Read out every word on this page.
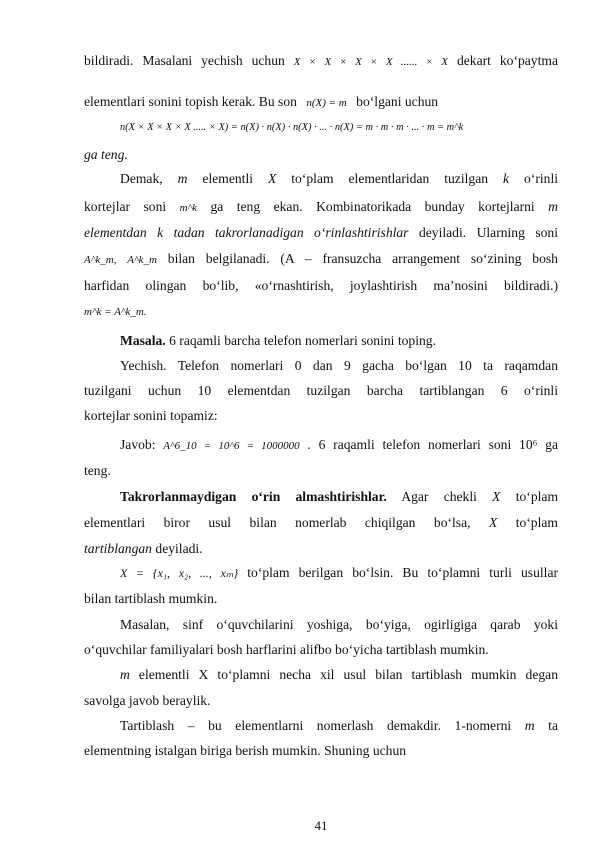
bildiradi. Masalani yechish uchun X × X × X × X ...... × X dekart ko‘paytma
elementlari sonini topish kerak. Bu son n(X) = m bo‘lgani uchun
n(X × X × X × X ..... × X) = n(X) · n(X) · n(X) · ... · n(X) = m · m · m · ... · m = m^k
ga teng.
Demak, m elementli X to‘plam elementlaridan tuzilgan k o‘rinli
kortejlar soni m^k ga teng ekan. Kombinatorikada bunday kortejlarni m
elementdan k tadan takrorlanadigan o‘rinlashtirishlar deyiladi. Ularning soni
A^k_m, A^k_m bilan belgilanadi. (A – fransuzcha arrangement so‘zining bosh
harfidan olingan bo‘lib, «o‘rnashtirish, joylashtirish ma’nosini bildiradi.)
m^k = A^k_m.
Masala. 6 raqamli barcha telefon nomerlari sonini toping.
Yechish. Telefon nomerlari 0 dan 9 gacha bo‘lgan 10 ta raqamdan
tuzilgani uchun 10 elementdan tuzilgan barcha tartiblangan 6 o‘rinli
kortejlar sonini topamiz:
Javob: A^6_10 = 10^6 = 1000000 . 6 raqamli telefon nomerlari soni 10⁶ ga
teng.
Takrorlanmaydigan o‘rin almashtirishlar. Agar chekli X to‘plam
elementlari biror usul bilan nomerlab chiqilgan bo‘lsa, X to‘plam
tartiblangan deyiladi.
X = {x₁, x₂, ..., xₘ} to‘plam berilgan bo‘lsin. Bu to‘plamni turli usullar
bilan tartiblash mumkin.
Masalan, sinf o‘quvchilarini yoshiga, bo‘yiga, ogirligiga qarab yoki
o‘quvchilar familiyalari bosh harflarini alifbo bo‘yicha tartiblash mumkin.
m elementli X to‘plamni necha xil usul bilan tartiblash mumkin degan
savolga javob beraylik.
Tartiblash – bu elementlarni nomerlash demakdir. 1-nomerni m ta
elementning istalgan biriga berish mumkin. Shuning uchun
41
